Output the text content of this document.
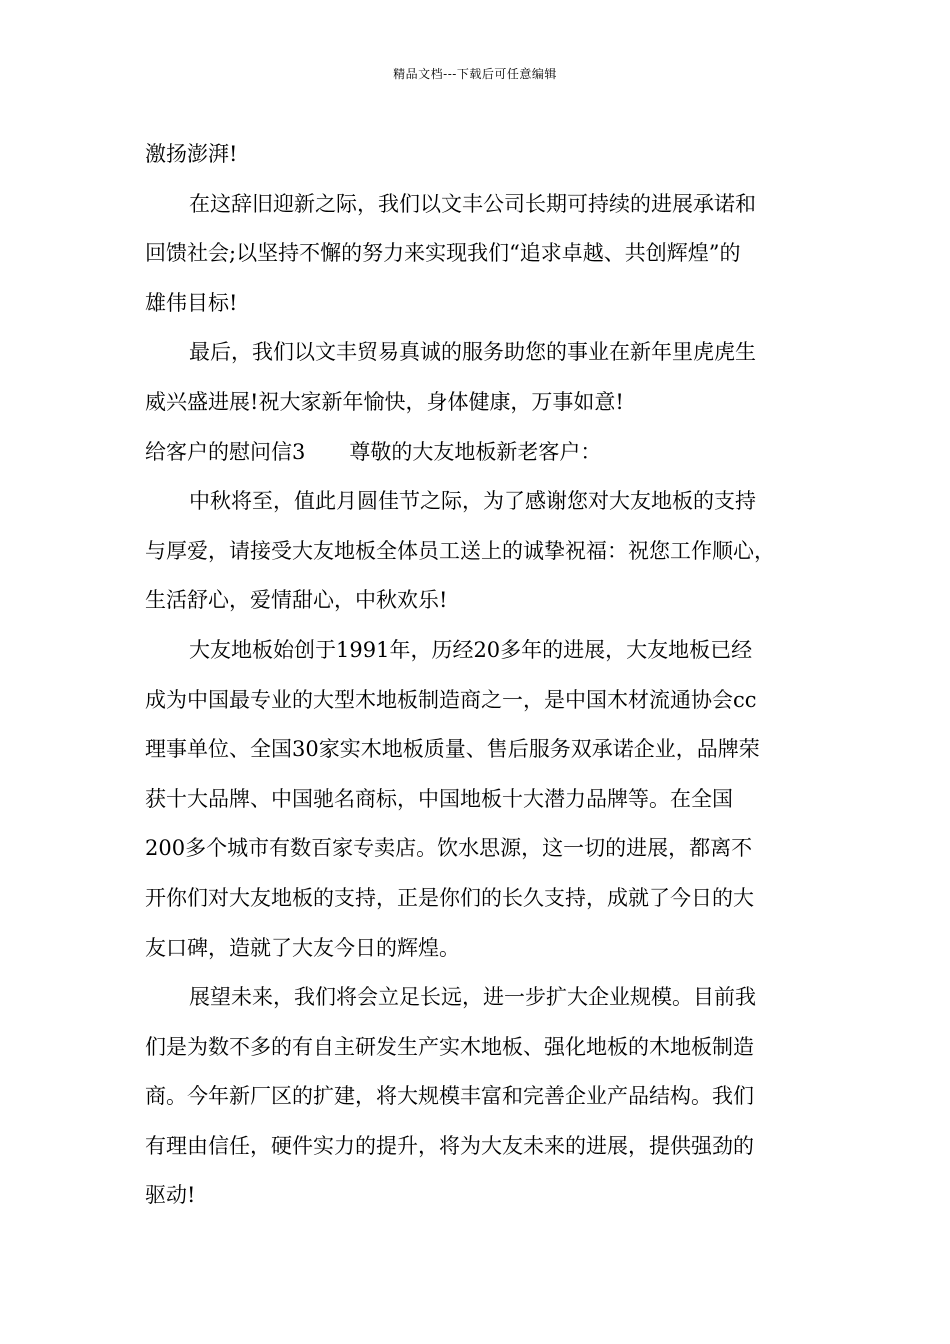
精品文档---下载后可任意编辑
激扬澎湃!
在这辞旧迎新之际，我们以文丰公司长期可持续的进展承诺和
回馈社会;以坚持不懈的努力来实现我们“追求卓越、共创辉煌”的
雄伟目标!
最后，我们以文丰贸易真诚的服务助您的事业在新年里虎虎生
威兴盛进展!祝大家新年愉快，身体健康，万事如意!
给客户的慰问信3 尊敬的大友地板新老客户：
中秋将至，值此月圆佳节之际，为了感谢您对大友地板的支持
与厚爱，请接受大友地板全体员工送上的诚挚祝福：祝您工作顺心，
生活舒心，爱情甜心，中秋欢乐!
大友地板始创于1991年，历经20多年的进展，大友地板已经
成为中国最专业的大型木地板制造商之一，是中国木材流通协会cc
理事单位、全国30家实木地板质量、售后服务双承诺企业，品牌荣
获十大品牌、中国驰名商标，中国地板十大潜力品牌等。在全国
200多个城市有数百家专卖店。饮水思源，这一切的进展，都离不
开你们对大友地板的支持，正是你们的长久支持，成就了今日的大
友口碑，造就了大友今日的辉煌。
展望未来，我们将会立足长远，进一步扩大企业规模。目前我
们是为数不多的有自主研发生产实木地板、强化地板的木地板制造
商。今年新厂区的扩建，将大规模丰富和完善企业产品结构。我们
有理由信任，硬件实力的提升，将为大友未来的进展，提供强劲的
驱动!
